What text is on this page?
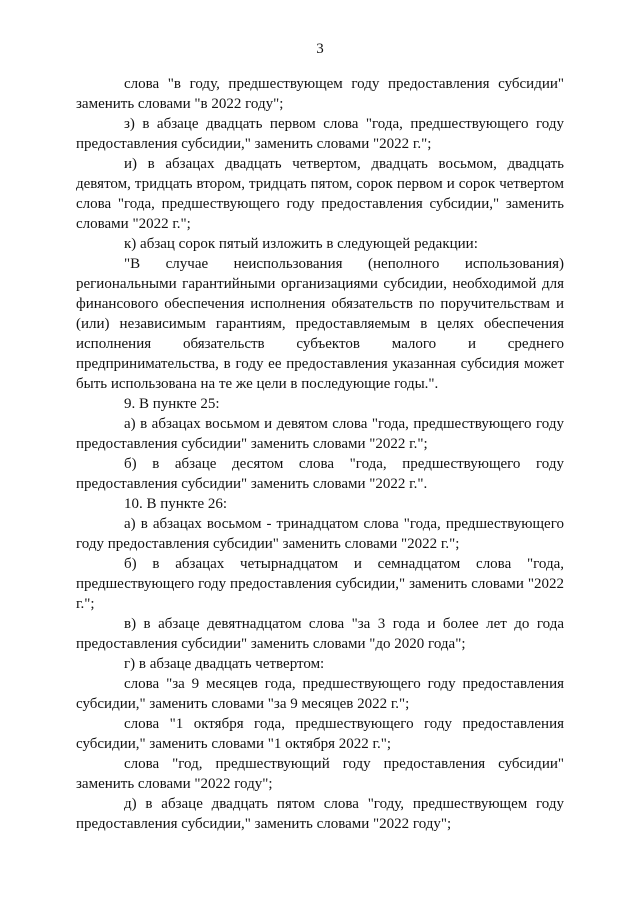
3

слова "в году, предшествующем году предоставления субсидии" заменить словами "в 2022 году";

з) в абзаце двадцать первом слова "года, предшествующего году предоставления субсидии," заменить словами "2022 г.";

и) в абзацах двадцать четвертом, двадцать восьмом, двадцать девятом, тридцать втором, тридцать пятом, сорок первом и сорок четвертом слова "года, предшествующего году предоставления субсидии," заменить словами "2022 г.";

к) абзац сорок пятый изложить в следующей редакции:

"В случае неиспользования (неполного использования) региональными гарантийными организациями субсидии, необходимой для финансового обеспечения исполнения обязательств по поручительствам и (или) независимым гарантиям, предоставляемым в целях обеспечения исполнения обязательств субъектов малого и среднего предпринимательства, в году ее предоставления указанная субсидия может быть использована на те же цели в последующие годы.".

9. В пункте 25:

а) в абзацах восьмом и девятом слова "года, предшествующего году предоставления субсидии" заменить словами "2022 г.";

б) в абзаце десятом слова "года, предшествующего году предоставления субсидии" заменить словами "2022 г.".

10. В пункте 26:

а) в абзацах восьмом - тринадцатом слова "года, предшествующего году предоставления субсидии" заменить словами "2022 г.";

б) в абзацах четырнадцатом и семнадцатом слова "года, предшествующего году предоставления субсидии," заменить словами "2022 г.";

в) в абзаце девятнадцатом слова "за 3 года и более лет до года предоставления субсидии" заменить словами "до 2020 года";

г) в абзаце двадцать четвертом:

слова "за 9 месяцев года, предшествующего году предоставления субсидии," заменить словами "за 9 месяцев 2022 г.";

слова "1 октября года, предшествующего году предоставления субсидии," заменить словами "1 октября 2022 г.";

слова "год, предшествующий году предоставления субсидии" заменить словами "2022 году";

д) в абзаце двадцать пятом слова "году, предшествующем году предоставления субсидии," заменить словами "2022 году";
